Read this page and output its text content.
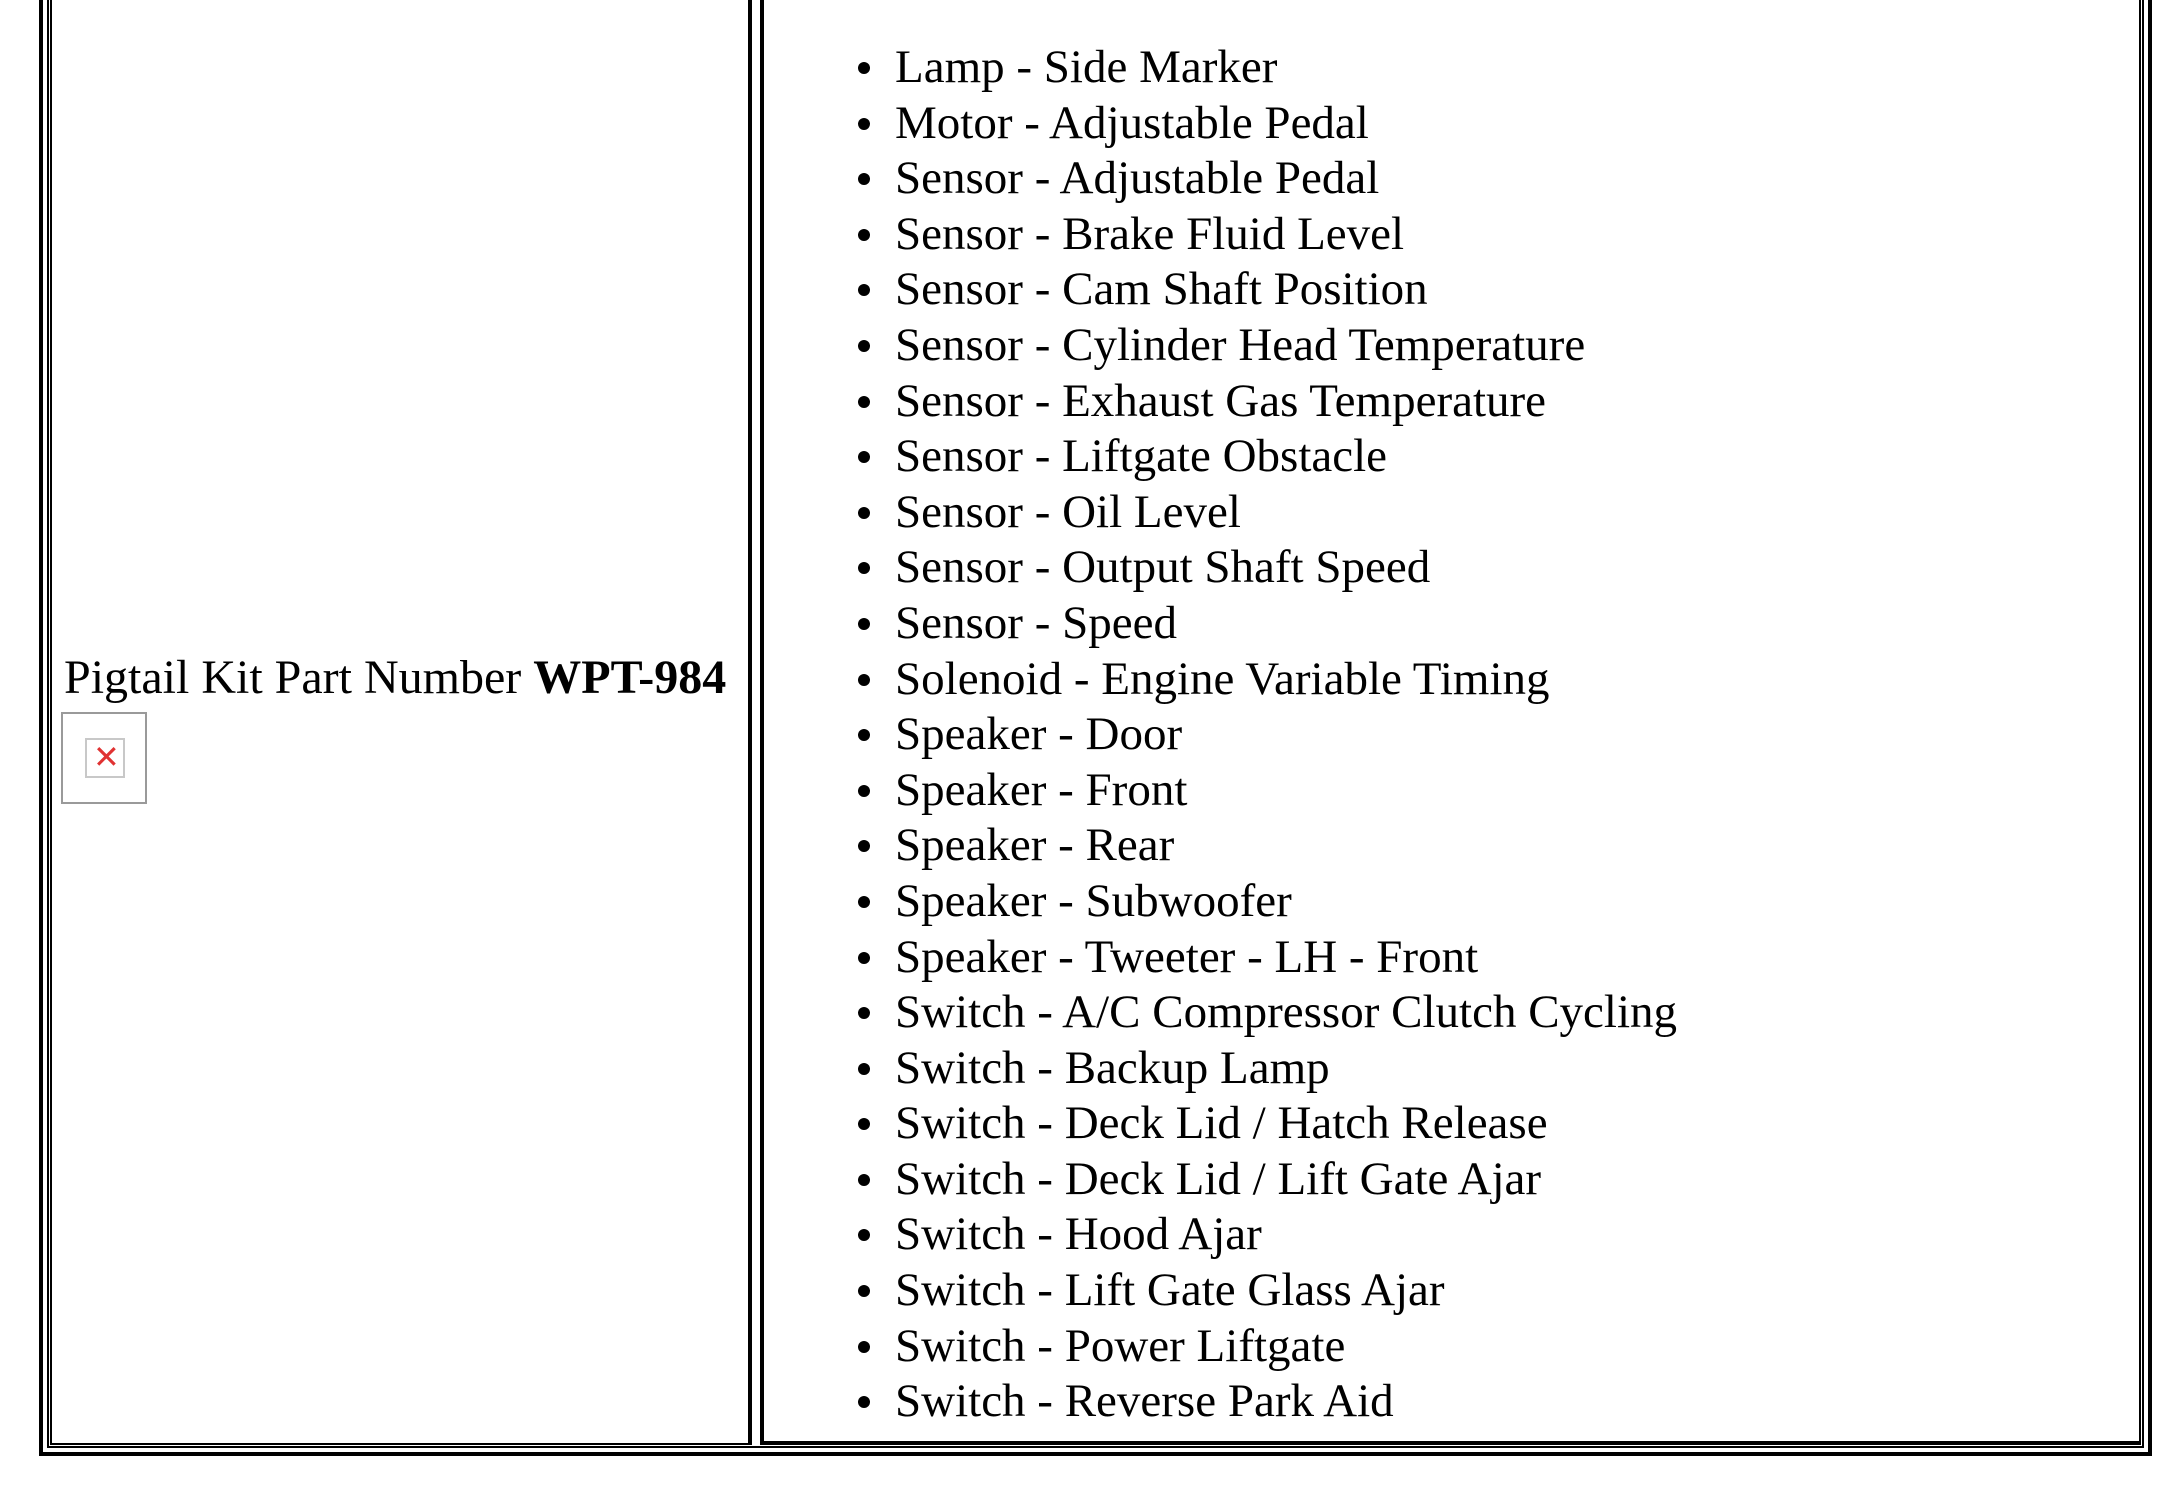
Pigtail Kit Part Number WPT-984
✕
Lamp - Side Marker
Motor - Adjustable Pedal
Sensor - Adjustable Pedal
Sensor - Brake Fluid Level
Sensor - Cam Shaft Position
Sensor - Cylinder Head Temperature
Sensor - Exhaust Gas Temperature
Sensor - Liftgate Obstacle
Sensor - Oil Level
Sensor - Output Shaft Speed
Sensor - Speed
Solenoid - Engine Variable Timing
Speaker - Door
Speaker - Front
Speaker - Rear
Speaker - Subwoofer
Speaker - Tweeter - LH - Front
Switch - A/C Compressor Clutch Cycling
Switch - Backup Lamp
Switch - Deck Lid / Hatch Release
Switch - Deck Lid / Lift Gate Ajar
Switch - Hood Ajar
Switch - Lift Gate Glass Ajar
Switch - Power Liftgate
Switch - Reverse Park Aid
